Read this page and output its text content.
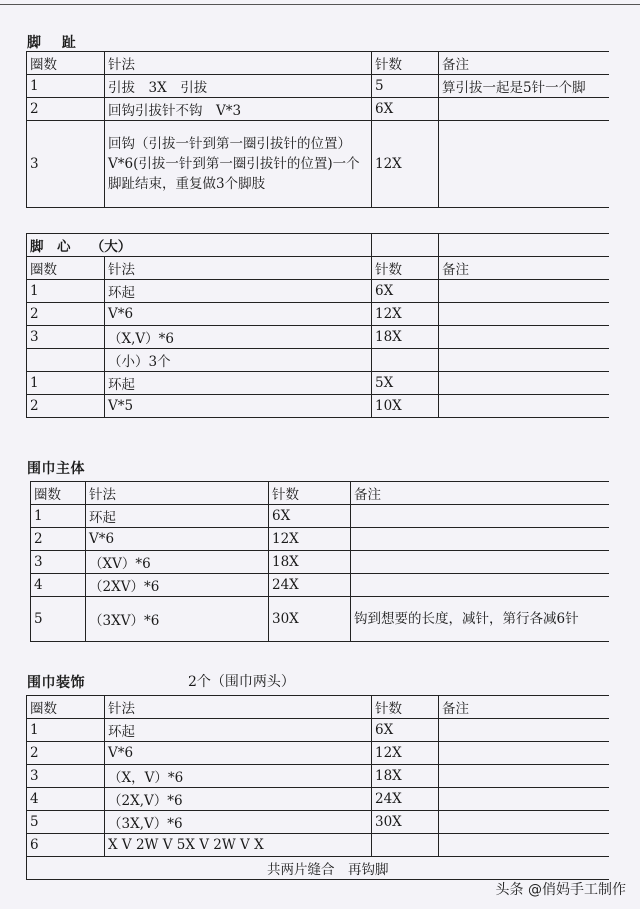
脚 趾
圈数	针法	针数	备注
1	引拔　3X　引拔	5	算引拔一起是5针一个脚
2	回钩引拔针不钩　V*3	6X	
3	回钩（引拔一针到第一圈引拔针的位置）V*6(引拔一针到第一圈引拔针的位置)一个脚趾结束，重复做3个脚肢	12X	
脚　心　　（大）			
圈数	针法	针数	备注
1	环起	6X	
2	V*6	12X	
3	（X,V）*6	18X	
	（小）3个		
1	环起	5X	
2	V*5	10X	
围巾主体
圈数	针法	针数	备注
1	环起	6X	
2	V*6	12X	
3	（XV）*6	18X	
4	（2XV）*6	24X	
5	（3XV）*6	30X	钩到想要的长度，减针，第行各减6针
围巾装饰	2个（围巾两头）
圈数	针法	针数	备注
1	环起	6X	
2	V*6	12X	
3	（X，V）*6	18X	
4	（2X,V）*6	24X	
5	（3X,V）*6	30X	
6	X V 2W V 5X V 2W V X		
共两片缝合　再钩脚			
头条 @俏妈手工制作
